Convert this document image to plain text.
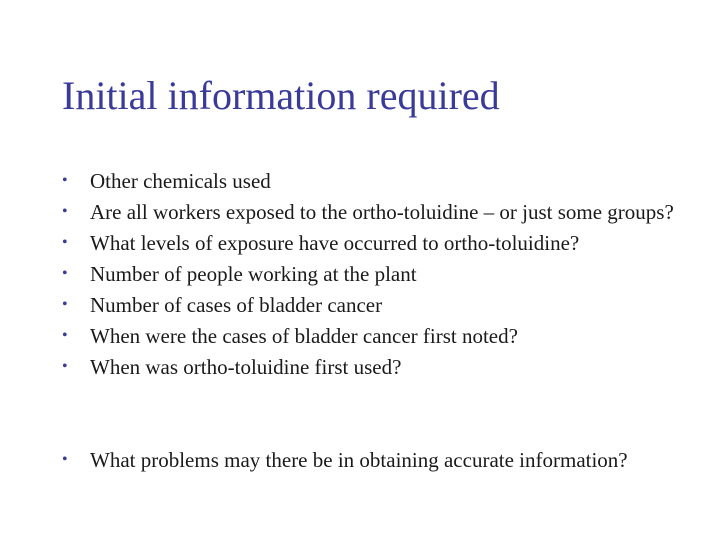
Initial information required
• Other chemicals used
• Are all workers exposed to the ortho-toluidine – or just some groups?
• What levels of exposure have occurred to ortho-toluidine?
• Number of people working at the plant
• Number of cases of bladder cancer
• When were the cases of bladder cancer first noted?
• When was ortho-toluidine first used?
• What problems may there be in obtaining accurate information?
